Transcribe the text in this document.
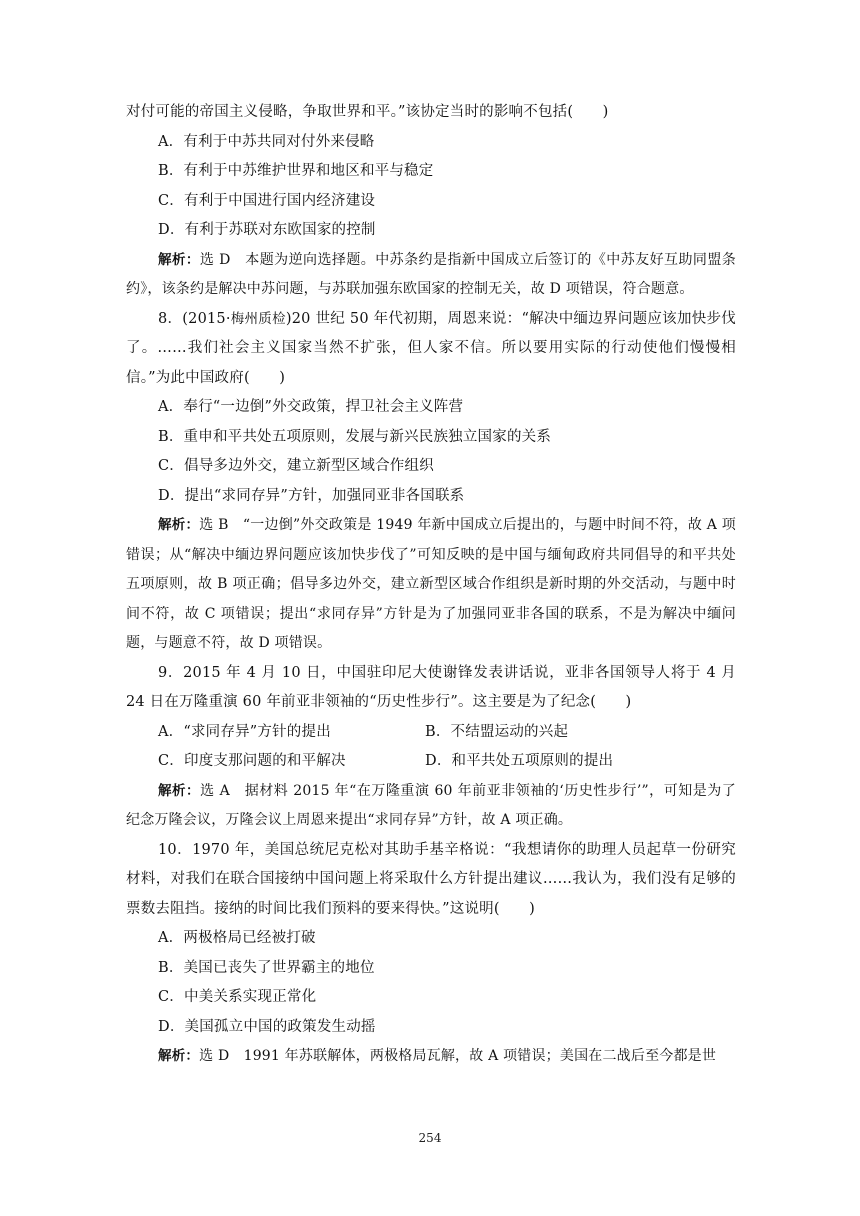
对付可能的帝国主义侵略，争取世界和平。”该协定当时的影响不包括(　　)

A．有利于中苏共同对付外来侵略

B．有利于中苏维护世界和地区和平与稳定

C．有利于中国进行国内经济建设

D．有利于苏联对东欧国家的控制

解析：选 D　本题为逆向选择题。中苏条约是指新中国成立后签订的《中苏友好互助同盟条约》，该条约是解决中苏问题，与苏联加强东欧国家的控制无关，故 D 项错误，符合题意。

8．(2015·梅州质检)20 世纪 50 年代初期，周恩来说：“解决中缅边界问题应该加快步伐了。……我们社会主义国家当然不扩张，但人家不信。所以要用实际的行动使他们慢慢相信。”为此中国政府(　　)

A．奉行“一边倒”外交政策，捍卫社会主义阵营

B．重申和平共处五项原则，发展与新兴民族独立国家的关系

C．倡导多边外交，建立新型区域合作组织

D．提出“求同存异”方针，加强同亚非各国联系

解析：选 B　“一边倒”外交政策是 1949 年新中国成立后提出的，与题中时间不符，故 A 项错误；从“解决中缅边界问题应该加快步伐了”可知反映的是中国与缅甸政府共同倡导的和平共处五项原则，故 B 项正确；倡导多边外交，建立新型区域合作组织是新时期的外交活动，与题中时间不符，故 C 项错误；提出“求同存异”方针是为了加强同亚非各国的联系，不是为解决中缅问题，与题意不符，故 D 项错误。

9．2015 年 4 月 10 日，中国驻印尼大使谢锋发表讲话说，亚非各国领导人将于 4 月 24 日在万隆重演 60 年前亚非领袖的“历史性步行”。这主要是为了纪念(　　)

A．“求同存异”方针的提出	B．不结盟运动的兴起
C．印度支那问题的和平解决	D．和平共处五项原则的提出

解析：选 A　据材料 2015 年“在万隆重演 60 年前亚非领袖的‘历史性步行’”，可知是为了纪念万隆会议，万隆会议上周恩来提出“求同存异”方针，故 A 项正确。

10．1970 年，美国总统尼克松对其助手基辛格说：“我想请你的助理人员起草一份研究材料，对我们在联合国接纳中国问题上将采取什么方针提出建议……我认为，我们没有足够的票数去阻挡。接纳的时间比我们预料的要来得快。”这说明(　　)

A．两极格局已经被打破

B．美国已丧失了世界霸主的地位

C．中美关系实现正常化

D．美国孤立中国的政策发生动摇

解析：选 D　1991 年苏联解体，两极格局瓦解，故 A 项错误；美国在二战后至今都是世

254
